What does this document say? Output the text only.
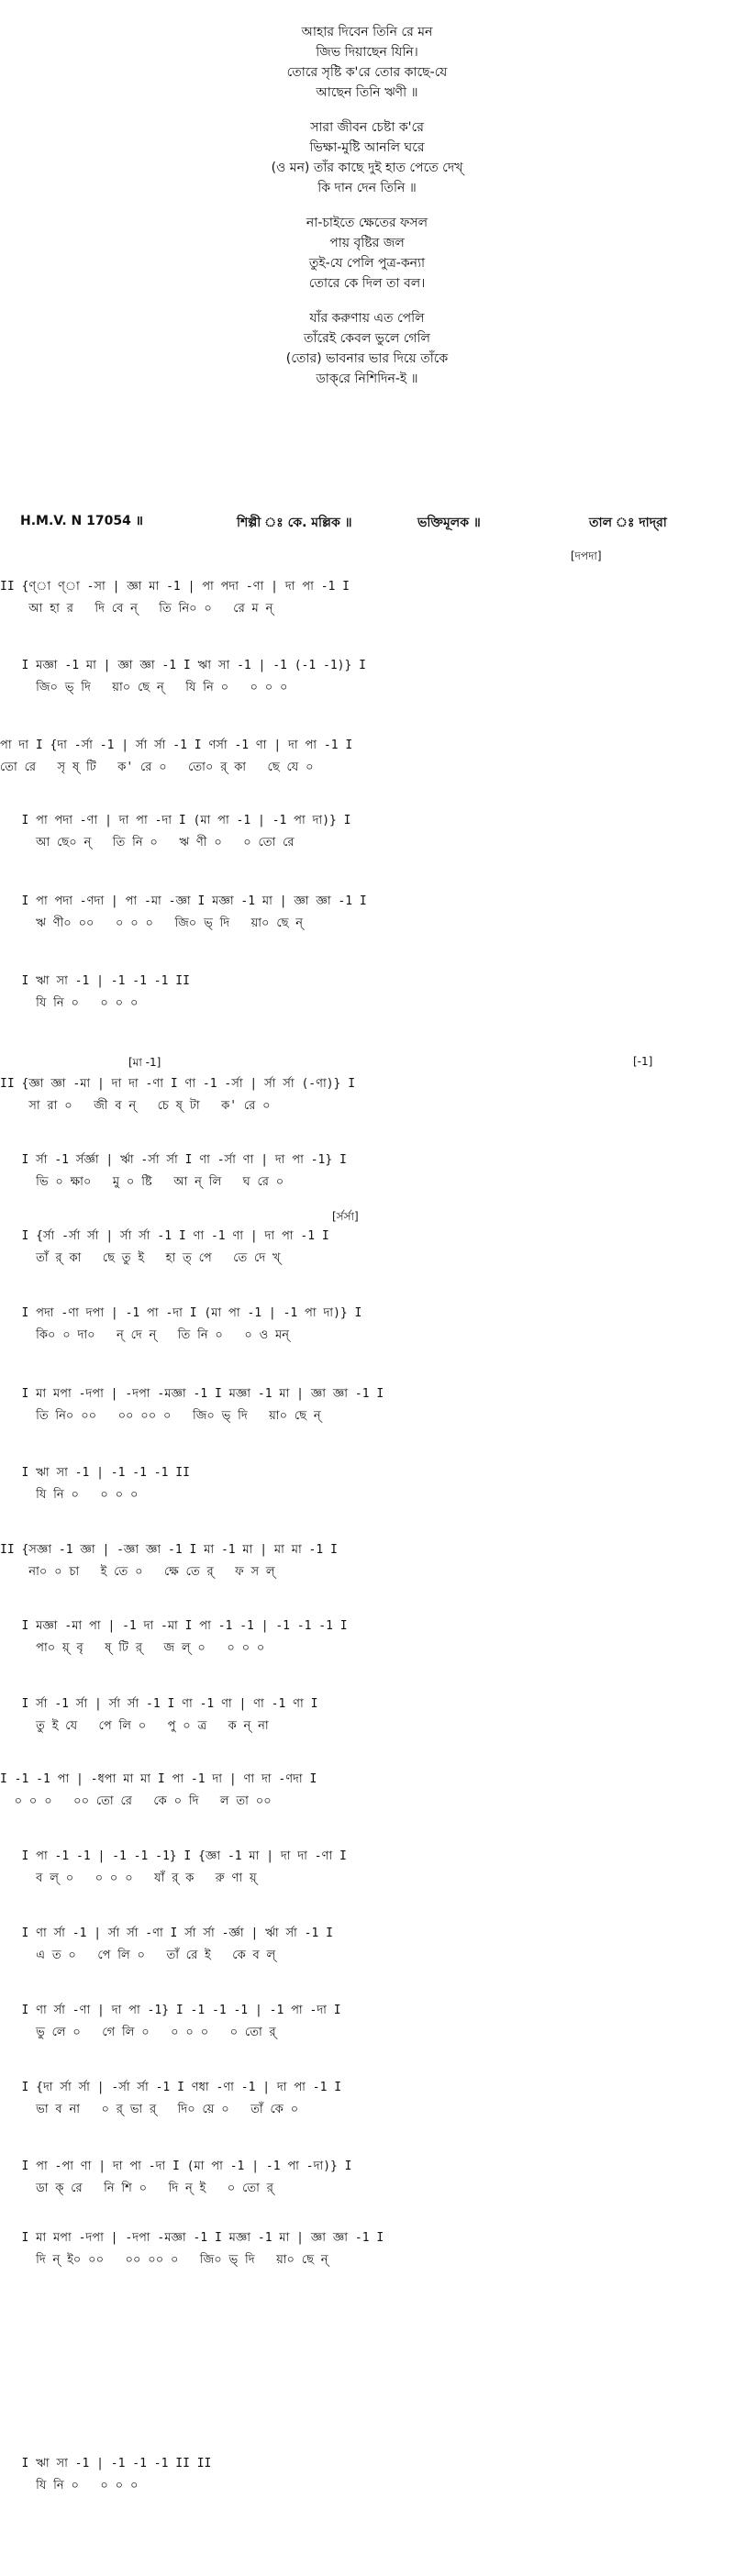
আহার দিবেন তিনি রে মন
জিভ দিয়াছেন যিনি।
তোরে সৃষ্টি ক'রে তোর কাছে-যে
আছেন তিনি ঋণী ॥
সারা জীবন চেষ্টা ক'রে
ভিক্ষা-মুষ্টি আনলি ঘরে
(ও মন) তাঁর কাছে দুই হাত পেতে দেখ্
কি দান দেন তিনি ॥
না-চাইতে ক্ষেতের ফসল
পায় বৃষ্টির জল
তুই-যে পেলি পুত্র-কন্যা
তোরে কে দিল তা বল।
যাঁর করুণায় এত পেলি
তাঁরেই কেবল ভুলে গেলি
(তোর) ভাবনার ভার দিয়ে তাঁকে
ডাক্‌রে নিশিদিন-ই ॥
H.M.V. N 17054 ॥	শিল্পী ঃ কে. মল্লিক ॥	ভক্তিমূলক ॥	তাল ঃ দাদ্‌রা
[দপদা]
[মা -1]	[-1]
[র্সর্সা]
II {ণ্‌া ণ্‌া -সা | জ্ঞা মা -1 | পা পদা -ণা | দা পা -1 I
আ হা র   দি বে ন্   তি নি০ ০   রে ম ন্
I মজ্ঞা -1 মা | জ্ঞা জ্ঞা -1 I ঋা সা -1 | -1 (-1 -1)} I
জি০ ভ্ দি   য়া০ ছে ন্   যি নি ০   ০ ০ ০
পা দা I {দা -র্সা -1 | র্সা র্সা -1 I ণর্সা -1 ণা | দা পা -1 I
তো রে   সৃ ষ্ টি   ক' রে ০   তো০ র্ কা   ছে যে ০
I পা পদা -ণা | দা পা -দা I (মা পা -1 | -1 পা দা)} I
আ ছে০ ন্   তি নি ০   ঋ ণী ০   ০ তো রে
I পা পদা -ণদা | পা -মা -জ্ঞা I মজ্ঞা -1 মা | জ্ঞা জ্ঞা -1 I
ঋ ণী০ ০০   ০ ০ ০   জি০ ভ্ দি   য়া০ ছে ন্
I ঋা সা -1 | -1 -1 -1 II
যি নি ০   ০ ০ ০
II {জ্ঞা জ্ঞা -মা | দা দা -ণা I ণা -1 -র্সা | র্সা র্সা (-ণা)} I
সা রা ০   জী ব ন্   চে ষ্ টা   ক' রে ০
I র্সা -1 র্সর্জ্ঞা | র্ঋা -র্সা র্সা I ণা -র্সা ণা | দা পা -1} I
ভি ০ ক্ষা০   মু ০ ষ্টি   আ ন্ লি   ঘ রে ০
I {র্সা -র্সা র্সা | র্সা র্সা -1 I ণা -1 ণা | দা পা -1 I
তাঁ র্ কা   ছে তু ই   হা ত্ পে   তে দে খ্
I পদা -ণা দপা | -1 পা -দা I (মা পা -1 | -1 পা দা)} I
কি০ ০ দা০   ন্ দে ন্   তি নি ০   ০ ও মন্
I মা মপা -দপা | -দপা -মজ্ঞা -1 I মজ্ঞা -1 মা | জ্ঞা জ্ঞা -1 I
তি নি০ ০০   ০০ ০০ ০   জি০ ভ্ দি   য়া০ ছে ন্
I ঋা সা -1 | -1 -1 -1 II
যি নি ০   ০ ০ ০
II {সজ্ঞা -1 জ্ঞা | -জ্ঞা জ্ঞা -1 I মা -1 মা | মা মা -1 I
না০ ০ চা   ই তে ০   ক্ষে তে র্   ফ স ল্
I মজ্ঞা -মা পা | -1 দা -মা I পা -1 -1 | -1 -1 -1 I
পা০ য়্ বৃ   ষ্ টি র্   জ ল্ ০   ০ ০ ০
I র্সা -1 র্সা | র্সা র্সা -1 I ণা -1 ণা | ণা -1 ণা I
তু ই যে   পে লি ০   পু ০ ত্র   ক ন্ না
I -1 -1 পা | -ধপা মা মা I পা -1 দা | ণা দা -ণদা I
০ ০ ০   ০০ তো রে   কে ০ দি   ল তা ০০
I পা -1 -1 | -1 -1 -1} I {জ্ঞা -1 মা | দা দা -ণা I
ব ল্ ০   ০ ০ ০   যাঁ র্ ক   রু ণা য়্
I ণা র্সা -1 | র্সা র্সা -ণা I র্সা র্সা -র্জ্ঞা | র্ঋা র্সা -1 I
এ ত ০   পে লি ০   তাঁ রে ই   কে ব ল্
I ণা র্সা -ণা | দা পা -1} I -1 -1 -1 | -1 পা -দা I
ভু লে ০   গে লি ০   ০ ০ ০   ০ তো র্
I {দা র্সা র্সা | -র্সা র্সা -1 I ণধা -ণা -1 | দা পা -1 I
ভা ব না   ০ র্ ভা র্   দি০ য়ে ০   তাঁ কে ০
I পা -পা ণা | দা পা -দা I (মা পা -1 | -1 পা -দা)} I
ডা ক্ রে   নি শি ০   দি ন্ ই   ০ তো র্
I মা মপা -দপা | -দপা -মজ্ঞা -1 I মজ্ঞা -1 মা | জ্ঞা জ্ঞা -1 I
দি ন্ ই০ ০০   ০০ ০০ ০   জি০ ভ্ দি   য়া০ ছে ন্
I ঋা সা -1 | -1 -1 -1 II II
যি নি ০   ০ ০ ০
